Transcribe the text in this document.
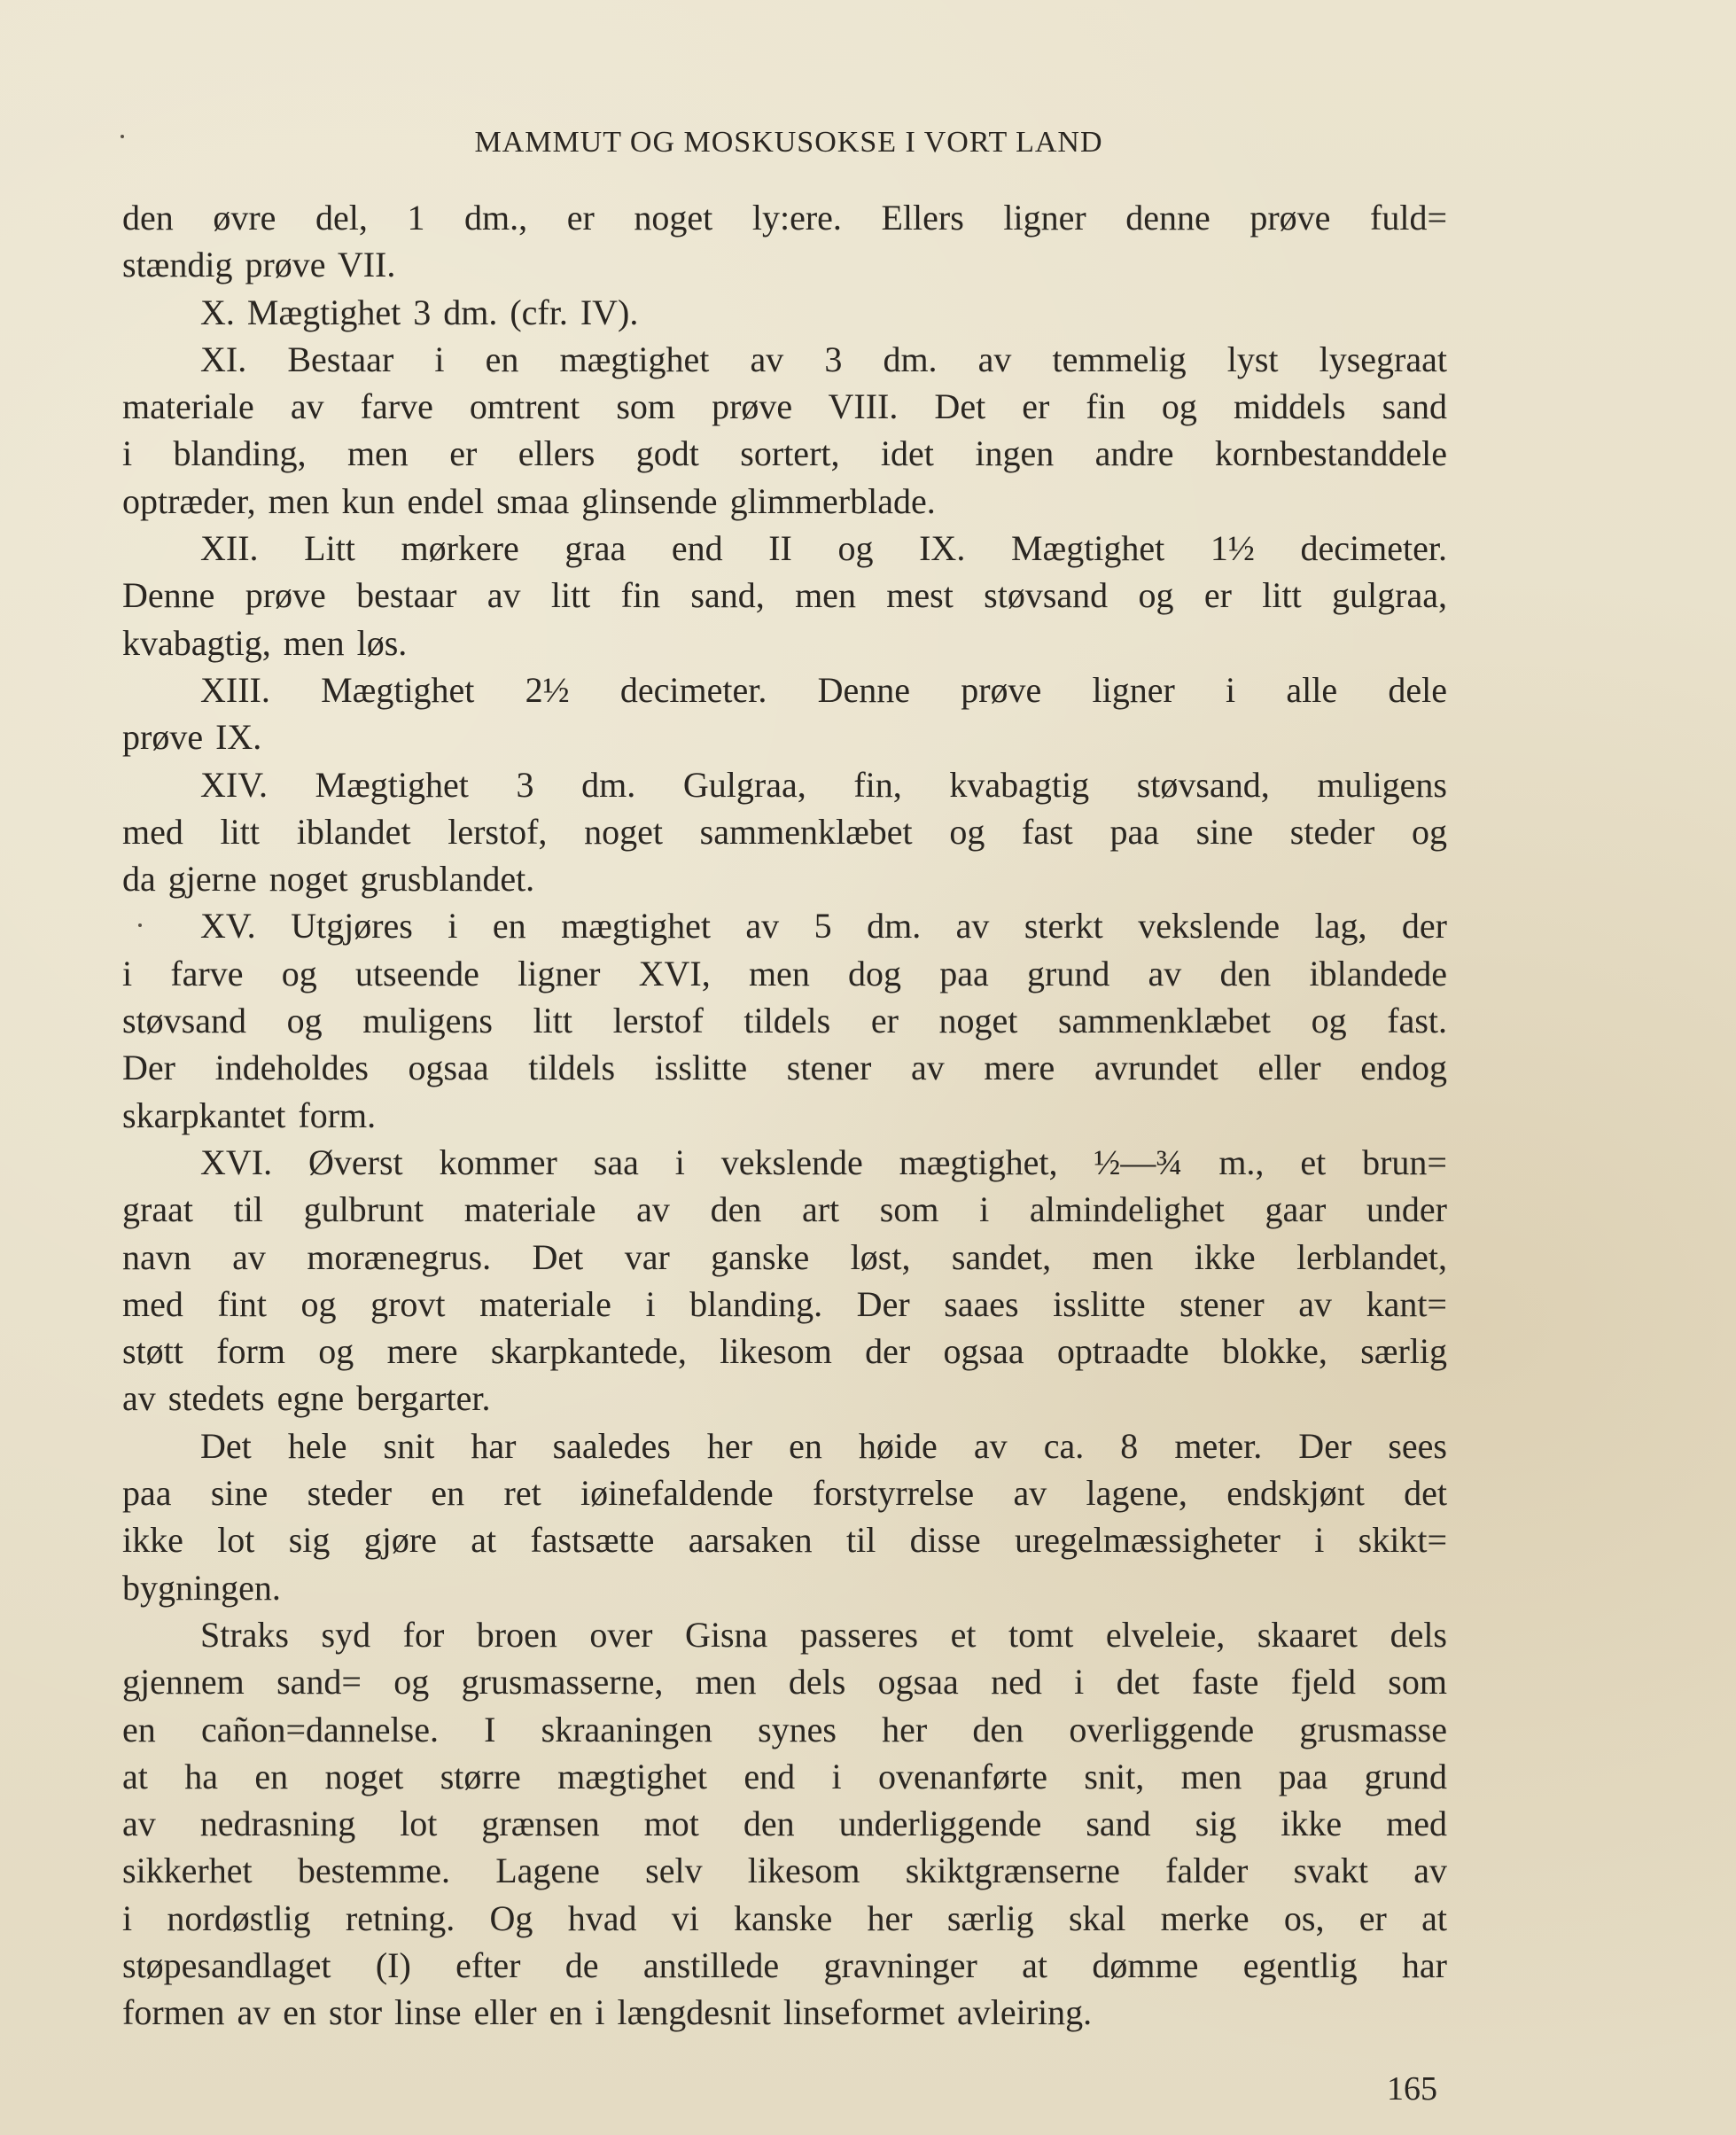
MAMMUT OG MOSKUSOKSE I VORT LAND
den øvre del, 1 dm., er noget ly:ere. Ellers ligner denne prøve fuld=
stændig prøve VII.
X. Mægtighet 3 dm. (cfr. IV).
XI. Bestaar i en mægtighet av 3 dm. av temmelig lyst lysegraat
materiale av farve omtrent som prøve VIII. Det er fin og middels sand
i blanding, men er ellers godt sortert, idet ingen andre kornbestanddele
optræder, men kun endel smaa glinsende glimmerblade.
XII. Litt mørkere graa end II og IX. Mægtighet 1½ decimeter.
Denne prøve bestaar av litt fin sand, men mest støvsand og er litt gulgraa,
kvabagtig, men løs.
XIII. Mægtighet 2½ decimeter. Denne prøve ligner i alle dele
prøve IX.
XIV. Mægtighet 3 dm. Gulgraa, fin, kvabagtig støvsand, muligens
med litt iblandet lerstof, noget sammenklæbet og fast paa sine steder og
da gjerne noget grusblandet.
XV. Utgjøres i en mægtighet av 5 dm. av sterkt vekslende lag, der
i farve og utseende ligner XVI, men dog paa grund av den iblandede
støvsand og muligens litt lerstof tildels er noget sammenklæbet og fast.
Der indeholdes ogsaa tildels isslitte stener av mere avrundet eller endog
skarpkantet form.
XVI. Øverst kommer saa i vekslende mægtighet, ½—¾ m., et brun=
graat til gulbrunt materiale av den art som i almindelighet gaar under
navn av morænegrus. Det var ganske løst, sandet, men ikke lerblandet,
med fint og grovt materiale i blanding. Der saaes isslitte stener av kant=
støtt form og mere skarpkantede, likesom der ogsaa optraadte blokke, særlig
av stedets egne bergarter.
Det hele snit har saaledes her en høide av ca. 8 meter. Der sees
paa sine steder en ret iøinefaldende forstyrrelse av lagene, endskjønt det
ikke lot sig gjøre at fastsætte aarsaken til disse uregelmæssigheter i skikt=
bygningen.
Straks syd for broen over Gisna passeres et tomt elveleie, skaaret dels
gjennem sand= og grusmasserne, men dels ogsaa ned i det faste fjeld som
en cañon=dannelse. I skraaningen synes her den overliggende grusmasse
at ha en noget større mægtighet end i ovenanførte snit, men paa grund
av nedrasning lot grænsen mot den underliggende sand sig ikke med
sikkerhet bestemme. Lagene selv likesom skiktgrænserne falder svakt av
i nordøstlig retning. Og hvad vi kanske her særlig skal merke os, er at
støpesandlaget (I) efter de anstillede gravninger at dømme egentlig har
formen av en stor linse eller en i længdesnit linseformet avleiring.
165
